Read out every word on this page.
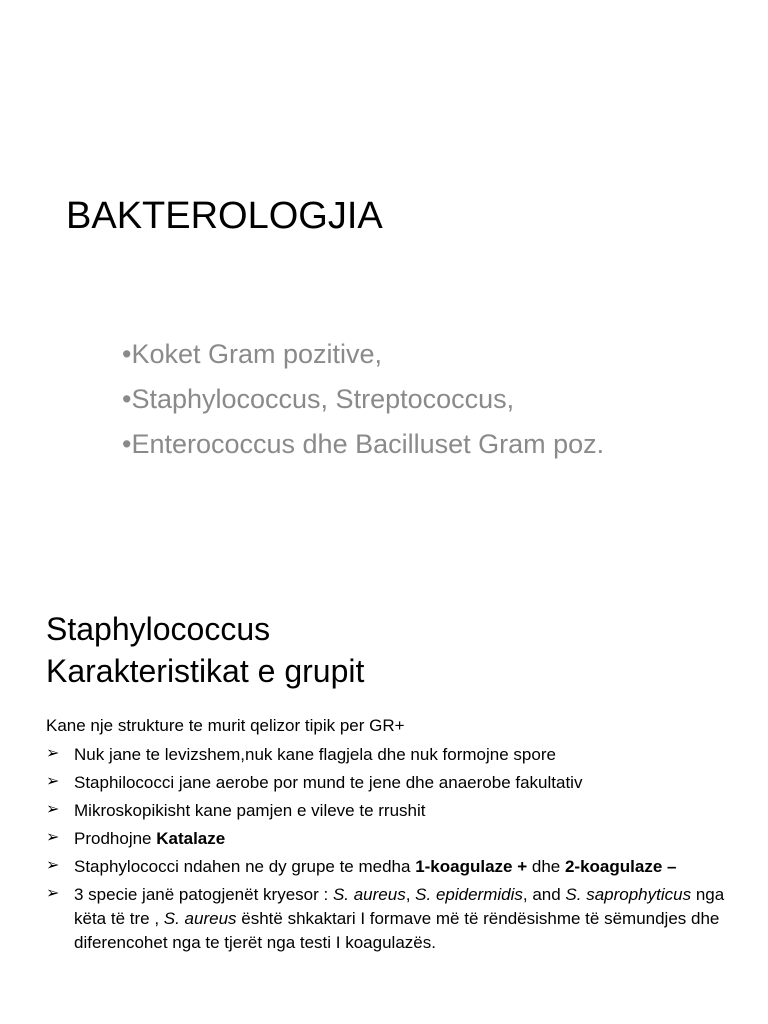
BAKTEROLOGJIA
•Koket Gram pozitive,
•Staphylococcus, Streptococcus,
•Enterococcus dhe Bacilluset Gram poz.
Staphylococcus
Karakteristikat e grupit
Kane nje strukture te murit qelizor tipik per GR+
➢ Nuk jane te levizshem,nuk kane flagjela dhe nuk formojne spore
➢ Staphilococci jane aerobe por mund te jene dhe anaerobe fakultativ
➢ Mikroskopikisht kane pamjen e vileve te rrushit
➢ Prodhojne Katalaze
➢ Staphylococci ndahen ne dy grupe te medha 1-koagulaze + dhe 2-koagulaze –
➢ 3 specie janë patogjenët kryesor : S. aureus, S. epidermidis, and S. saprophyticus nga këta të tre , S. aureus është shkaktari I formave më të rëndësishme të sëmundjes dhe diferencohet nga te tjerët nga testi I koagulazës.
